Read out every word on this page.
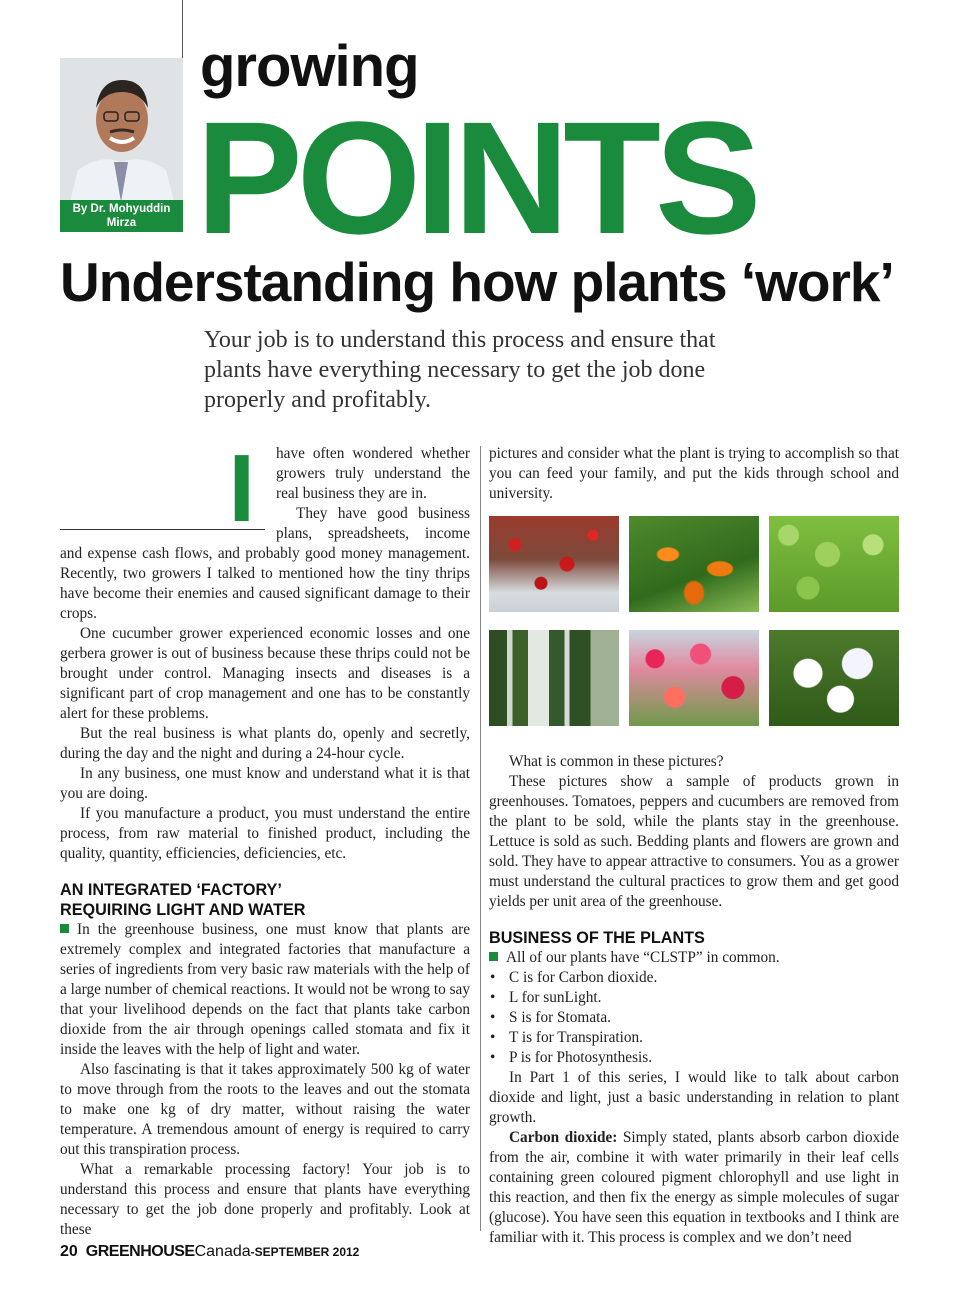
By Dr. Mohyuddin Mirza
growing
POINTS
Understanding how plants ‘work’
Your job is to understand this process and ensure that plants have everything necessary to get the job done properly and profitably.
I	have often wondered whether growers truly understand the real business they are in.

They have good business plans, spreadsheets, income and expense cash flows, and probably good money management. Recently, two growers I talked to mentioned how the tiny thrips have become their enemies and caused significant damage to their crops.

One cucumber grower experienced economic losses and one gerbera grower is out of business because these thrips could not be brought under control. Managing insects and diseases is a significant part of crop management and one has to be constantly alert for these problems.

But the real business is what plants do, openly and secretly, during the day and the night and during a 24-hour cycle.

In any business, one must know and understand what it is that you are doing.

If you manufacture a product, you must understand the entire process, from raw material to finished product, including the quality, quantity, efficiencies, deficiencies, etc.

AN INTEGRATED ‘FACTORY’
REQUIRING LIGHT AND WATER

In the greenhouse business, one must know that plants are extremely complex and integrated factories that manufacture a series of ingredients from very basic raw materials with the help of a large number of chemical reactions. It would not be wrong to say that your livelihood depends on the fact that plants take carbon dioxide from the air through openings called stomata and fix it inside the leaves with the help of light and water.

Also fascinating is that it takes approximately 500 kg of water to move through from the roots to the leaves and out the stomata to make one kg of dry matter, without raising the water temperature. A tremendous amount of energy is required to carry out this transpiration process.

What a remarkable processing factory! Your job is to understand this process and ensure that plants have everything necessary to get the job done properly and profitably. Look at these

pictures and consider what the plant is trying to accomplish so that you can feed your family, and put the kids through school and university.

What is common in these pictures?

These pictures show a sample of products grown in greenhouses. Tomatoes, peppers and cucumbers are removed from the plant to be sold, while the plants stay in the greenhouse. Lettuce is sold as such. Bedding plants and flowers are grown and sold. They have to appear attractive to consumers. You as a grower must understand the cultural practices to grow them and get good yields per unit area of the greenhouse.

BUSINESS OF THE PLANTS

All of our plants have “CLSTP” in common.

• C is for Carbon dioxide.
• L for sunLight.
• S is for Stomata.
• T is for Transpiration.
• P is for Photosynthesis.

In Part 1 of this series, I would like to talk about carbon dioxide and light, just a basic understanding in relation to plant growth.

Carbon dioxide: Simply stated, plants absorb carbon dioxide from the air, combine it with water primarily in their leaf cells containing green coloured pigment chlorophyll and use light in this reaction, and then fix the energy as simple molecules of sugar (glucose). You have seen this equation in textbooks and I think are familiar with it. This process is complex and we don’t need

20 GREENHOUSECanada-SEPTEMBER 2012
